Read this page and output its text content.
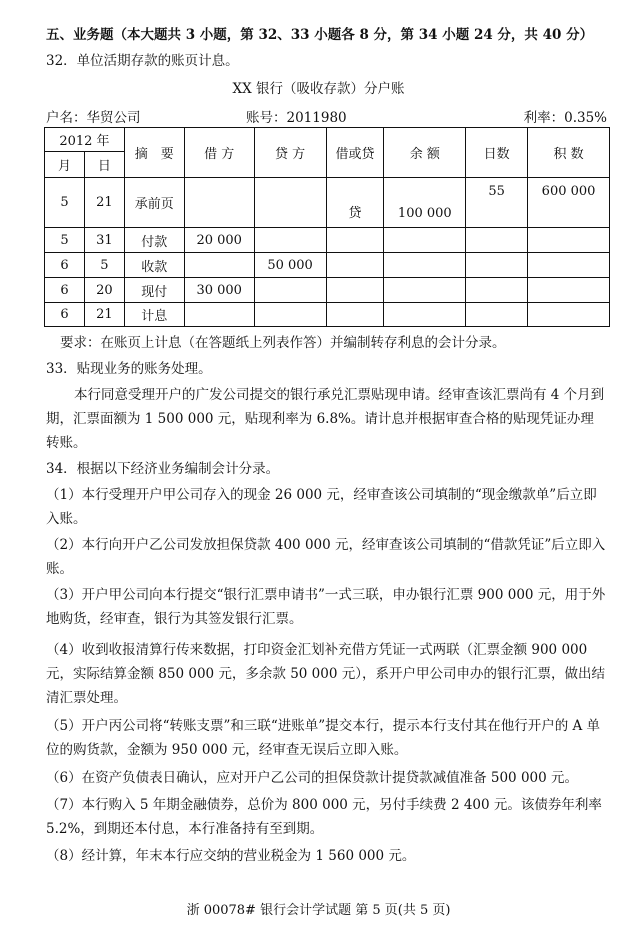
五、业务题（本大题共 3 小题，第 32、33 小题各 8 分，第 34 小题 24 分，共 40 分）
32．单位活期存款的账页计息。
XX 银行（吸收存款）分户账
户名：华贸公司	账号：2011980	利率：0.35%
2012 年		摘　要	借 方	贷 方	借或贷	余 额	日数	积 数
月	日							
5	21	承前页			贷	100 000	55	600 000
5	31	付款	20 000					
6	5	收款		50 000				
6	20	现付	30 000					
6	21	计息						
要求：在账页上计息（在答题纸上列表作答）并编制转存利息的会计分录。
33．贴现业务的账务处理。
本行同意受理开户的广发公司提交的银行承兑汇票贴现申请。经审查该汇票尚有 4 个月到期，汇票面额为 1 500 000 元，贴现利率为 6.8%。请计息并根据审查合格的贴现凭证办理转账。
34．根据以下经济业务编制会计分录。
（1）本行受理开户甲公司存入的现金 26 000 元，经审查该公司填制的“现金缴款单”后立即入账。
（2）本行向开户乙公司发放担保贷款 400 000 元，经审查该公司填制的“借款凭证”后立即入账。
（3）开户甲公司向本行提交“银行汇票申请书”一式三联，申办银行汇票 900 000 元，用于外地购货，经审查，银行为其签发银行汇票。
（4）收到收报清算行传来数据，打印资金汇划补充借方凭证一式两联（汇票金额 900 000 元，实际结算金额 850 000 元，多余款 50 000 元），系开户甲公司申办的银行汇票，做出结清汇票处理。
（5）开户丙公司将“转账支票”和三联“进账单”提交本行，提示本行支付其在他行开户的 A 单位的购货款，金额为 950 000 元，经审查无误后立即入账。
（6）在资产负债表日确认，应对开户乙公司的担保贷款计提贷款减值准备 500 000 元。
（7）本行购入 5 年期金融债券，总价为 800 000 元，另付手续费 2 400 元。该债券年利率 5.2%，到期还本付息，本行准备持有至到期。
（8）经计算，年末本行应交纳的营业税金为 1 560 000 元。
浙 00078# 银行会计学试题 第 5 页(共 5 页)
